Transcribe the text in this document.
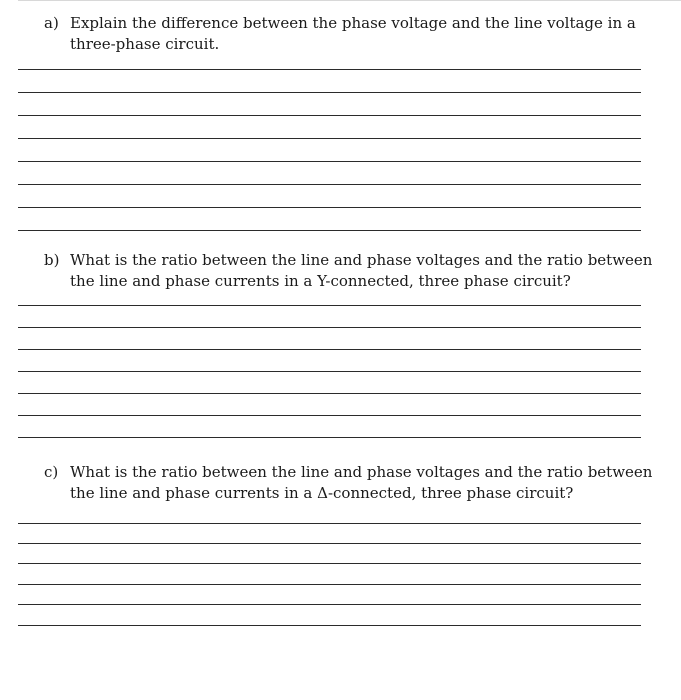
a) Explain the difference between the phase voltage and the line voltage in a three-phase circuit.
b) What is the ratio between the line and phase voltages and the ratio between the line and phase currents in a Y-connected, three phase circuit?
c) What is the ratio between the line and phase voltages and the ratio between the line and phase currents in a Δ-connected, three phase circuit?
